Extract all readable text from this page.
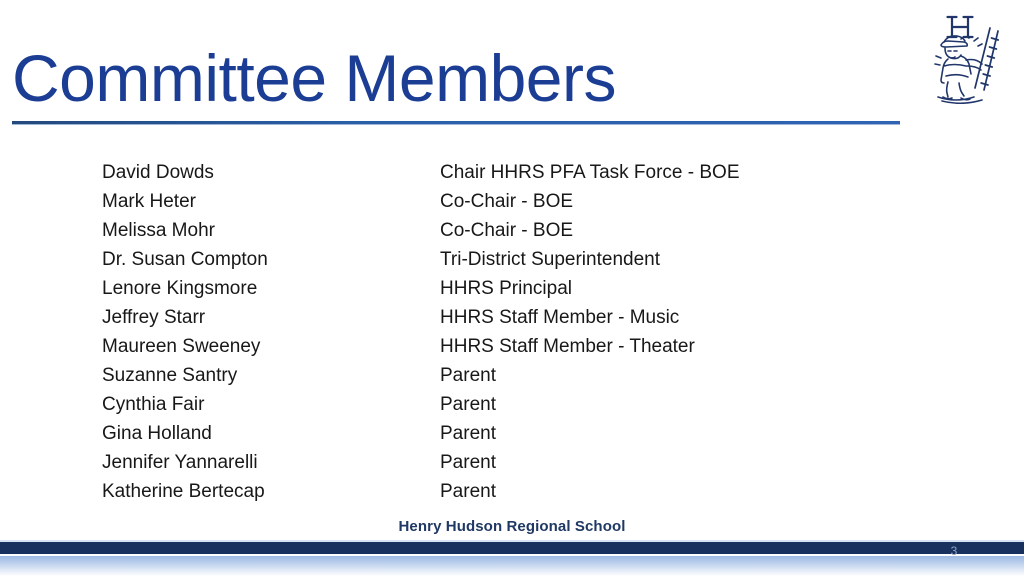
Committee Members
David Dowds	Chair HHRS PFA Task Force - BOE
Mark Heter	Co-Chair - BOE
Melissa Mohr	Co-Chair - BOE
Dr. Susan Compton	Tri-District Superintendent
Lenore Kingsmore	HHRS Principal
Jeffrey Starr	HHRS Staff Member - Music
Maureen Sweeney	HHRS Staff Member - Theater
Suzanne Santry	Parent
Cynthia Fair	Parent
Gina Holland	Parent
Jennifer Yannarelli	Parent
Katherine Bertecap	Parent
Henry Hudson Regional School
3
